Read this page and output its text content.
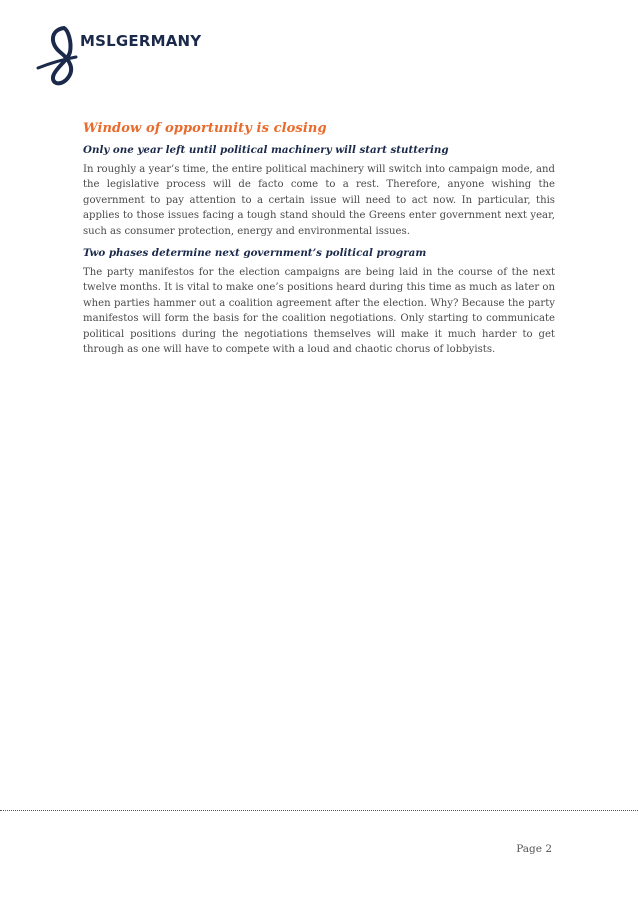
MSLGERMANY
Window of opportunity is closing
Only one year left until political machinery will start stuttering

In roughly a year’s time, the entire political machinery will switch into campaign mode, and the legislative process will de facto come to a rest. Therefore, anyone wishing the government to pay attention to a certain issue will need to act now. In particular, this applies to those issues facing a tough stand should the Greens enter government next year, such as consumer protection, energy and environmental issues.

Two phases determine next government’s political program

The party manifestos for the election campaigns are being laid in the course of the next twelve months. It is vital to make one’s positions heard during this time as much as later on when parties hammer out a coalition agreement after the election. Why? Because the party manifestos will form the basis for the coalition negotiations. Only starting to communicate political positions during the negotiations themselves will make it much harder to get through as one will have to compete with a loud and chaotic chorus of lobbyists.

Page 2
